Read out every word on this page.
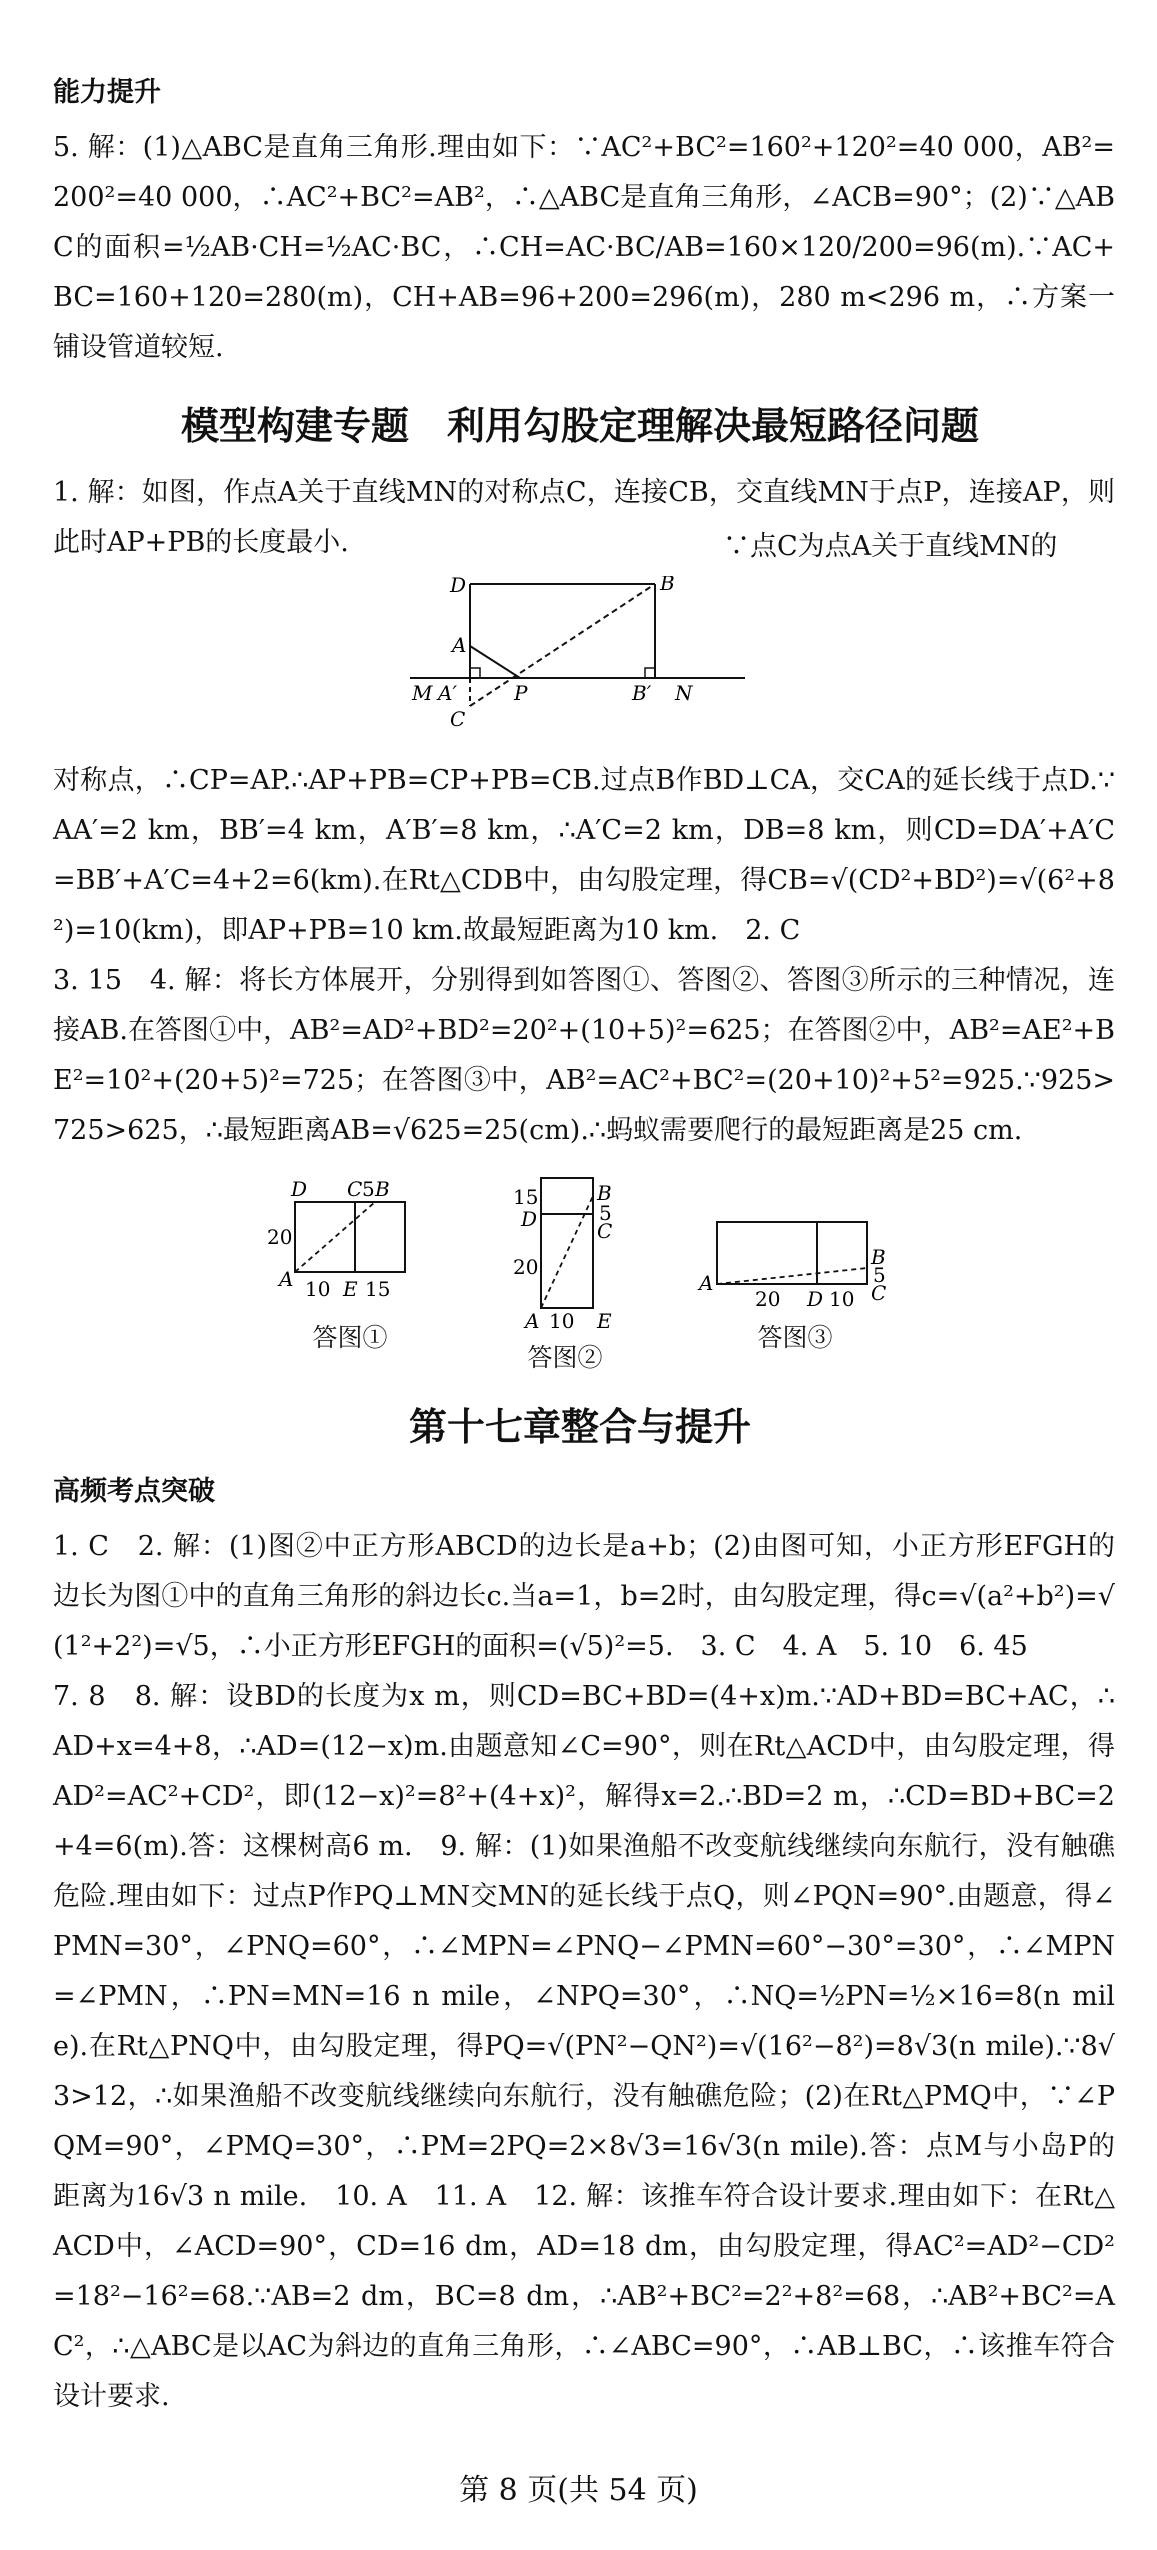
能力提升

5. 解：(1)△ABC是直角三角形.理由如下：∵AC²+BC²=160²+120²=40 000，AB²=200²=40 000，∴AC²+BC²=AB²，∴△ABC是直角三角形，∠ACB=90°；(2)∵△ABC的面积=½AB·CH=½AC·BC，∴CH=AC·BC/AB=160×120/200=96(m).∵AC+BC=160+120=280(m)，CH+AB=96+200=296(m)，280 m<296 m，∴方案一铺设管道较短.

模型构建专题　利用勾股定理解决最短路径问题

1. 解：如图，作点A关于直线MN的对称点C，连接CB，交直线MN于点P，连接AP，则此时AP+PB的长度最小.	∵点C为点A关于直线MN的
D	B
A
M A′	P	B′ N
C

对称点，∴CP=AP.∴AP+PB=CP+PB=CB.过点B作BD⊥CA，交CA的延长线于点D.∵AA′=2 km，BB′=4 km，A′B′=8 km，∴A′C=2 km，DB=8 km，则CD=DA′+A′C=BB′+A′C=4+2=6(km).在Rt△CDB中，由勾股定理，得CB=√(CD²+BD²)=√(6²+8²)=10(km)，即AP+PB=10 km.故最短距离为10 km.　2. C

3. 15　4. 解：将长方体展开，分别得到如答图①、答图②、答图③所示的三种情况，连接AB.在答图①中，AB²=AD²+BD²=20²+(10+5)²=625；在答图②中，AB²=AE²+BE²=10²+(20+5)²=725；在答图③中，AB²=AC²+BC²=(20+10)²+5²=925.∵925>725>625，∴最短距离AB=√625=25(cm).∴蚂蚁需要爬行的最短距离是25 cm.

D C 5 B
20
A 10 E 15
答图①
15
D
B
5
C
20
A 10 E
答图②
A
20 D 10
B
5
C
答图③
第十七章整合与提升
高频考点突破

1. C　2. 解：(1)图②中正方形ABCD的边长是a+b；(2)由图可知，小正方形EFGH的边长为图①中的直角三角形的斜边长c.当a=1，b=2时，由勾股定理，得c=√(a²+b²)=√(1²+2²)=√5，∴小正方形EFGH的面积=(√5)²=5.　3. C　4. A　5. 10　6. 45

7. 8　8. 解：设BD的长度为x m，则CD=BC+BD=(4+x)m.∵AD+BD=BC+AC，∴AD+x=4+8，∴AD=(12−x)m.由题意知∠C=90°，则在Rt△ACD中，由勾股定理，得AD²=AC²+CD²，即(12−x)²=8²+(4+x)²，解得x=2.∴BD=2 m，∴CD=BD+BC=2+4=6(m).答：这棵树高6 m.　9. 解：(1)如果渔船不改变航线继续向东航行，没有触礁危险.理由如下：过点P作PQ⊥MN交MN的延长线于点Q，则∠PQN=90°.由题意，得∠PMN=30°，∠PNQ=60°，∴∠MPN=∠PNQ−∠PMN=60°−30°=30°，∴∠MPN=∠PMN，∴PN=MN=16 n mile，∠NPQ=30°，∴NQ=½PN=½×16=8(n mile).在Rt△PNQ中，由勾股定理，得PQ=√(PN²−QN²)=√(16²−8²)=8√3(n mile).∵8√3>12，∴如果渔船不改变航线继续向东航行，没有触礁危险；(2)在Rt△PMQ中，∵∠PQM=90°，∠PMQ=30°，∴PM=2PQ=2×8√3=16√3(n mile).答：点M与小岛P的距离为16√3 n mile.　10. A　11. A　12. 解：该推车符合设计要求.理由如下：在Rt△ACD中，∠ACD=90°，CD=16 dm，AD=18 dm，由勾股定理，得AC²=AD²−CD²=18²−16²=68.∵AB=2 dm，BC=8 dm，∴AB²+BC²=2²+8²=68，∴AB²+BC²=AC²，∴△ABC是以AC为斜边的直角三角形，∴∠ABC=90°，∴AB⊥BC，∴该推车符合设计要求.

第 8 页(共 54 页)
